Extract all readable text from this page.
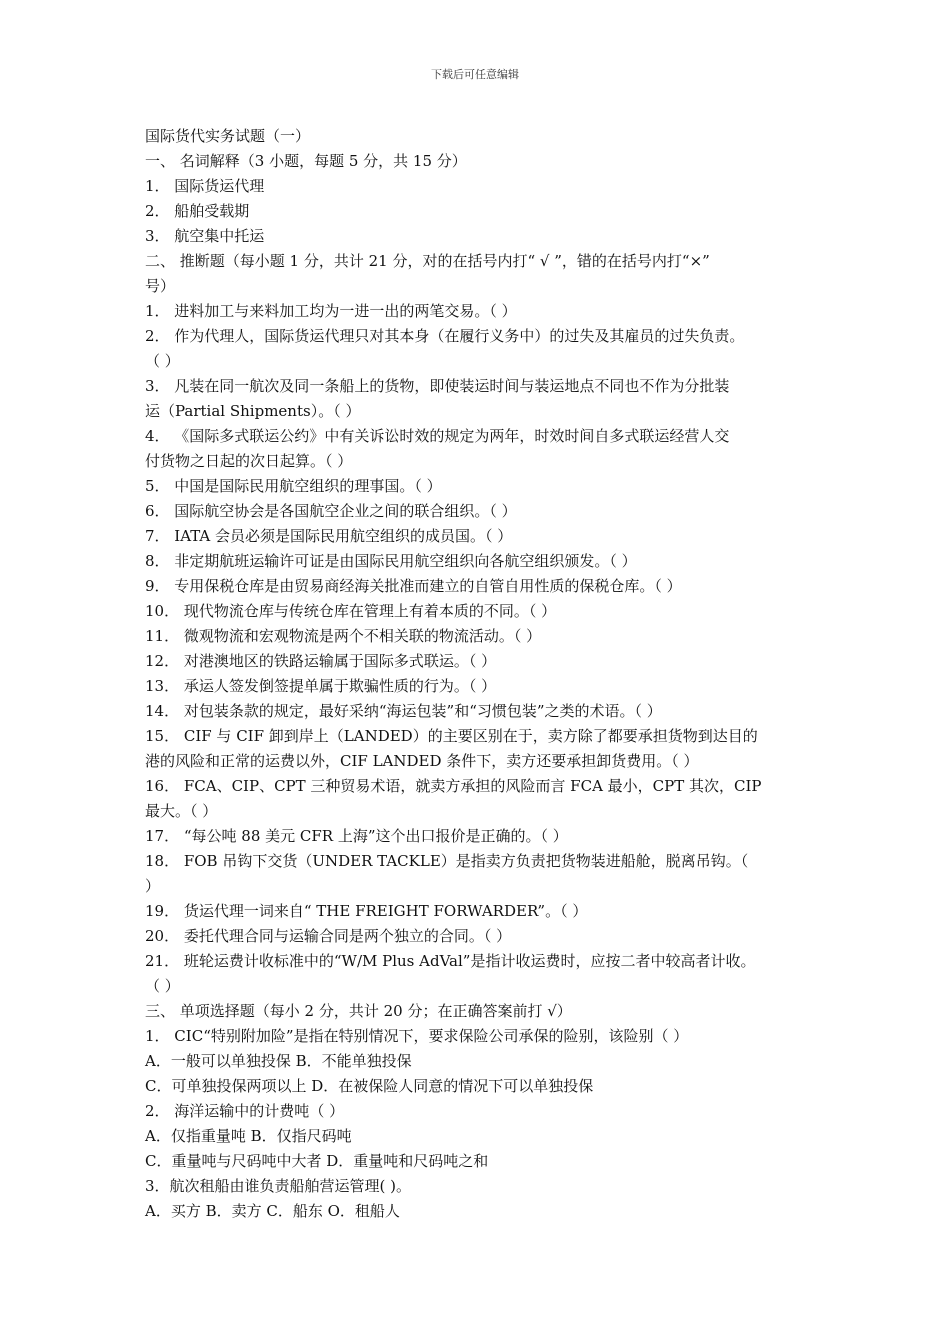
下载后可任意编辑
国际货代实务试题（一）
一、 名词解释（3 小题，每题 5 分，共 15 分）
1． 国际货运代理
2． 船舶受载期
3． 航空集中托运
二、 推断题（每小题 1 分，共计 21 分，对的在括号内打“ √ ”，错的在括号内打“×”
号）
1． 进料加工与来料加工均为一进一出的两笔交易。（ ）
2． 作为代理人，国际货运代理只对其本身（在履行义务中）的过失及其雇员的过失负责。
（ ）
3． 凡装在同一航次及同一条船上的货物，即使装运时间与装运地点不同也不作为分批装
运（Partial Shipments）。（ ）
4． 《国际多式联运公约》中有关诉讼时效的规定为两年，时效时间自多式联运经营人交
付货物之日起的次日起算。（ ）
5． 中国是国际民用航空组织的理事国。（ ）
6． 国际航空协会是各国航空企业之间的联合组织。（ ）
7． IATA 会员必须是国际民用航空组织的成员国。（ ）
8． 非定期航班运输许可证是由国际民用航空组织向各航空组织颁发。（ ）
9． 专用保税仓库是由贸易商经海关批准而建立的自管自用性质的保税仓库。（ ）
10． 现代物流仓库与传统仓库在管理上有着本质的不同。（ ）
11． 微观物流和宏观物流是两个不相关联的物流活动。（ ）
12． 对港澳地区的铁路运输属于国际多式联运。（ ）
13． 承运人签发倒签提单属于欺骗性质的行为。（ ）
14． 对包装条款的规定，最好采纳“海运包装”和“习惯包装”之类的术语。（ ）
15． CIF 与 CIF 卸到岸上（LANDED）的主要区别在于，卖方除了都要承担货物到达目的
港的风险和正常的运费以外，CIF LANDED 条件下，卖方还要承担卸货费用。（ ）
16． FCA、CIP、CPT 三种贸易术语，就卖方承担的风险而言 FCA 最小，CPT 其次，CIP
最大。（ ）
17． “每公吨 88 美元 CFR 上海”这个出口报价是正确的。（ ）
18． FOB 吊钩下交货（UNDER TACKLE）是指卖方负责把货物装进船舱，脱离吊钩。（
）
19． 货运代理一词来自“ THE FREIGHT FORWARDER”。（ ）
20． 委托代理合同与运输合同是两个独立的合同。（ ）
21． 班轮运费计收标准中的“W/M Plus AdVal”是指计收运费时，应按二者中较高者计收。
（ ）
三、 单项选择题（每小 2 分，共计 20 分；在正确答案前打 √）
1． CIC“特别附加险”是指在特别情况下，要求保险公司承保的险别，该险别（ ）
A．一般可以单独投保 B．不能单独投保
C．可单独投保两项以上 D．在被保险人同意的情况下可以单独投保
2． 海洋运输中的计费吨（ ）
A．仅指重量吨 B．仅指尺码吨
C．重量吨与尺码吨中大者 D．重量吨和尺码吨之和
3．航次租船由谁负责船舶营运管理( )。
A．买方 B．卖方 C．船东 O．租船人
